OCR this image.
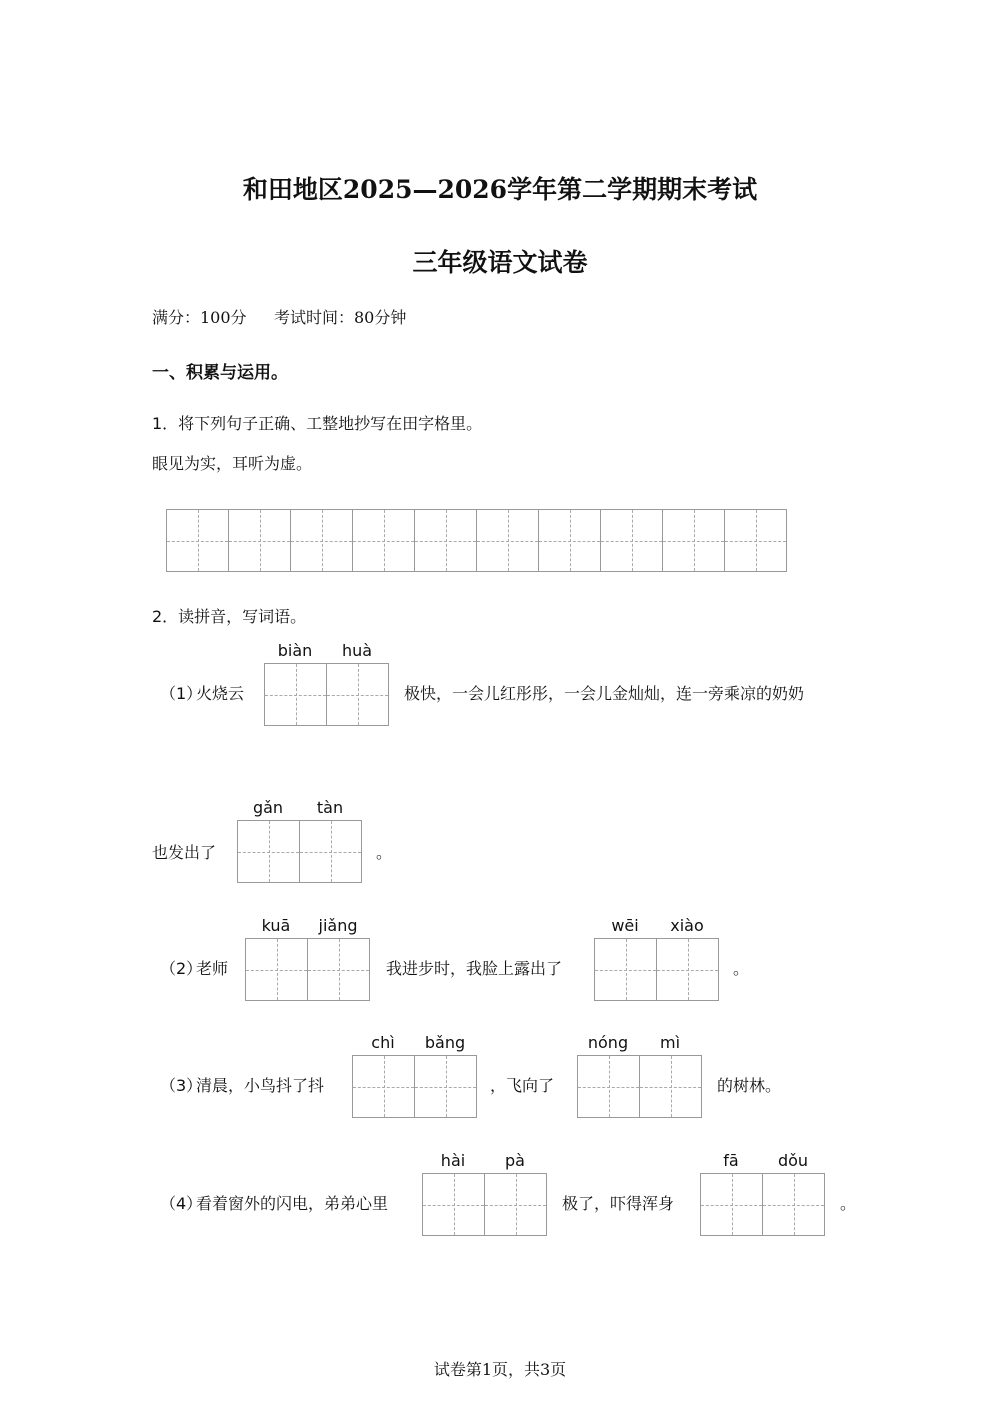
和田地区2025—2026学年第二学期期末考试
三年级语文试卷
满分：100分 考试时间：80分钟
一、积累与运用。
1．将下列句子正确、工整地抄写在田字格里。
眼见为实，耳听为虚。
2．读拼音，写词语。
（1）
火烧云
biàn	huà
极快，一会儿红彤彤，一会儿金灿灿，连一旁乘凉的奶奶
也发出了
gǎn	tàn
。
（2）
老师
kuā	jiǎng
我进步时，我脸上露出了
wēi	xiào
。
（3）
清晨，小鸟抖了抖
chì	bǎng
，飞向了
nóng	mì
的树林。
（4）
看着窗外的闪电，弟弟心里
hài	pà
极了，吓得浑身
fā	dǒu
。
试卷第1页，共3页
